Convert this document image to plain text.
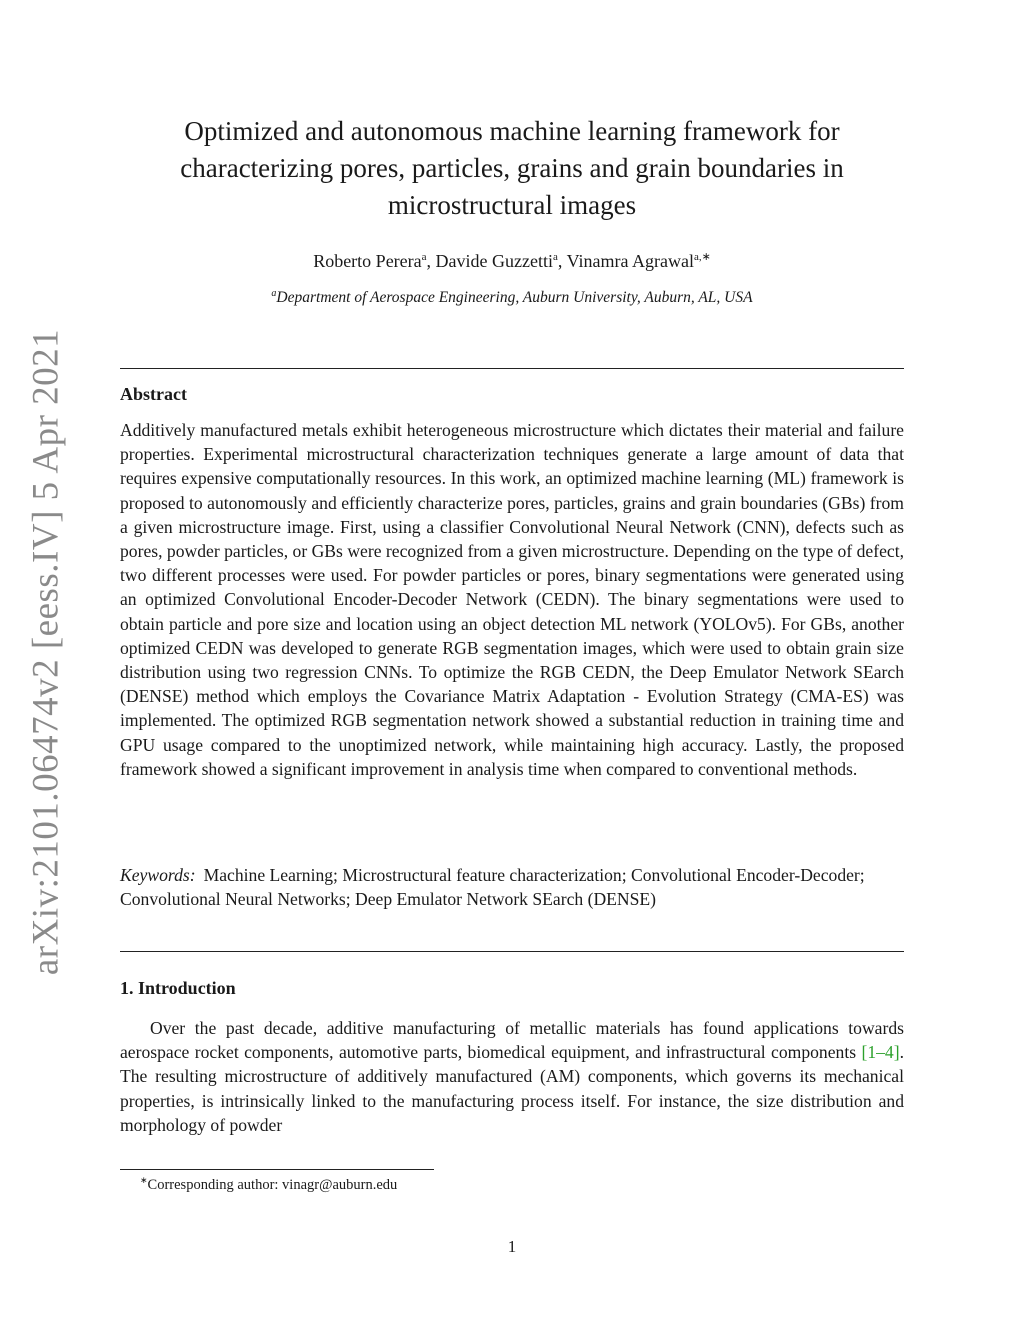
arXiv:2101.06474v2 [eess.IV] 5 Apr 2021
Optimized and autonomous machine learning framework for characterizing pores, particles, grains and grain boundaries in microstructural images
Roberto Perera$^a$, Davide Guzzetti$^a$, Vinamra Agrawal$^{a,∗}$
$^a$Department of Aerospace Engineering, Auburn University, Auburn, AL, USA
Abstract

Additively manufactured metals exhibit heterogeneous microstructure which dictates their material and failure properties. Experimental microstructural characterization techniques generate a large amount of data that requires expensive computationally resources. In this work, an optimized machine learning (ML) framework is proposed to autonomously and efficiently characterize pores, particles, grains and grain boundaries (GBs) from a given microstructure image. First, using a classifier Convolutional Neural Network (CNN), defects such as pores, powder particles, or GBs were recognized from a given microstructure. Depending on the type of defect, two different processes were used. For powder particles or pores, binary segmentations were generated using an optimized Convolutional Encoder-Decoder Network (CEDN). The binary segmentations were used to obtain particle and pore size and location using an object detection ML network (YOLOv5). For GBs, another optimized CEDN was developed to generate RGB segmentation images, which were used to obtain grain size distribution using two regression CNNs. To optimize the RGB CEDN, the Deep Emulator Network SEarch (DENSE) method which employs the Covariance Matrix Adaptation - Evolution Strategy (CMA-ES) was implemented. The optimized RGB segmentation network showed a substantial reduction in training time and GPU usage compared to the unoptimized network, while maintaining high accuracy. Lastly, the proposed framework showed a significant improvement in analysis time when compared to conventional methods.

Keywords: Machine Learning; Microstructural feature characterization; Convolutional Encoder-Decoder; Convolutional Neural Networks; Deep Emulator Network SEarch (DENSE)

1. Introduction

Over the past decade, additive manufacturing of metallic materials has found applications towards aerospace rocket components, automotive parts, biomedical equipment, and infrastructural components [1–4]. The resulting microstructure of additively manufactured (AM) components, which governs its mechanical properties, is intrinsically linked to the manufacturing process itself. For instance, the size distribution and morphology of powder

∗Corresponding author: vinagr@auburn.edu
1
